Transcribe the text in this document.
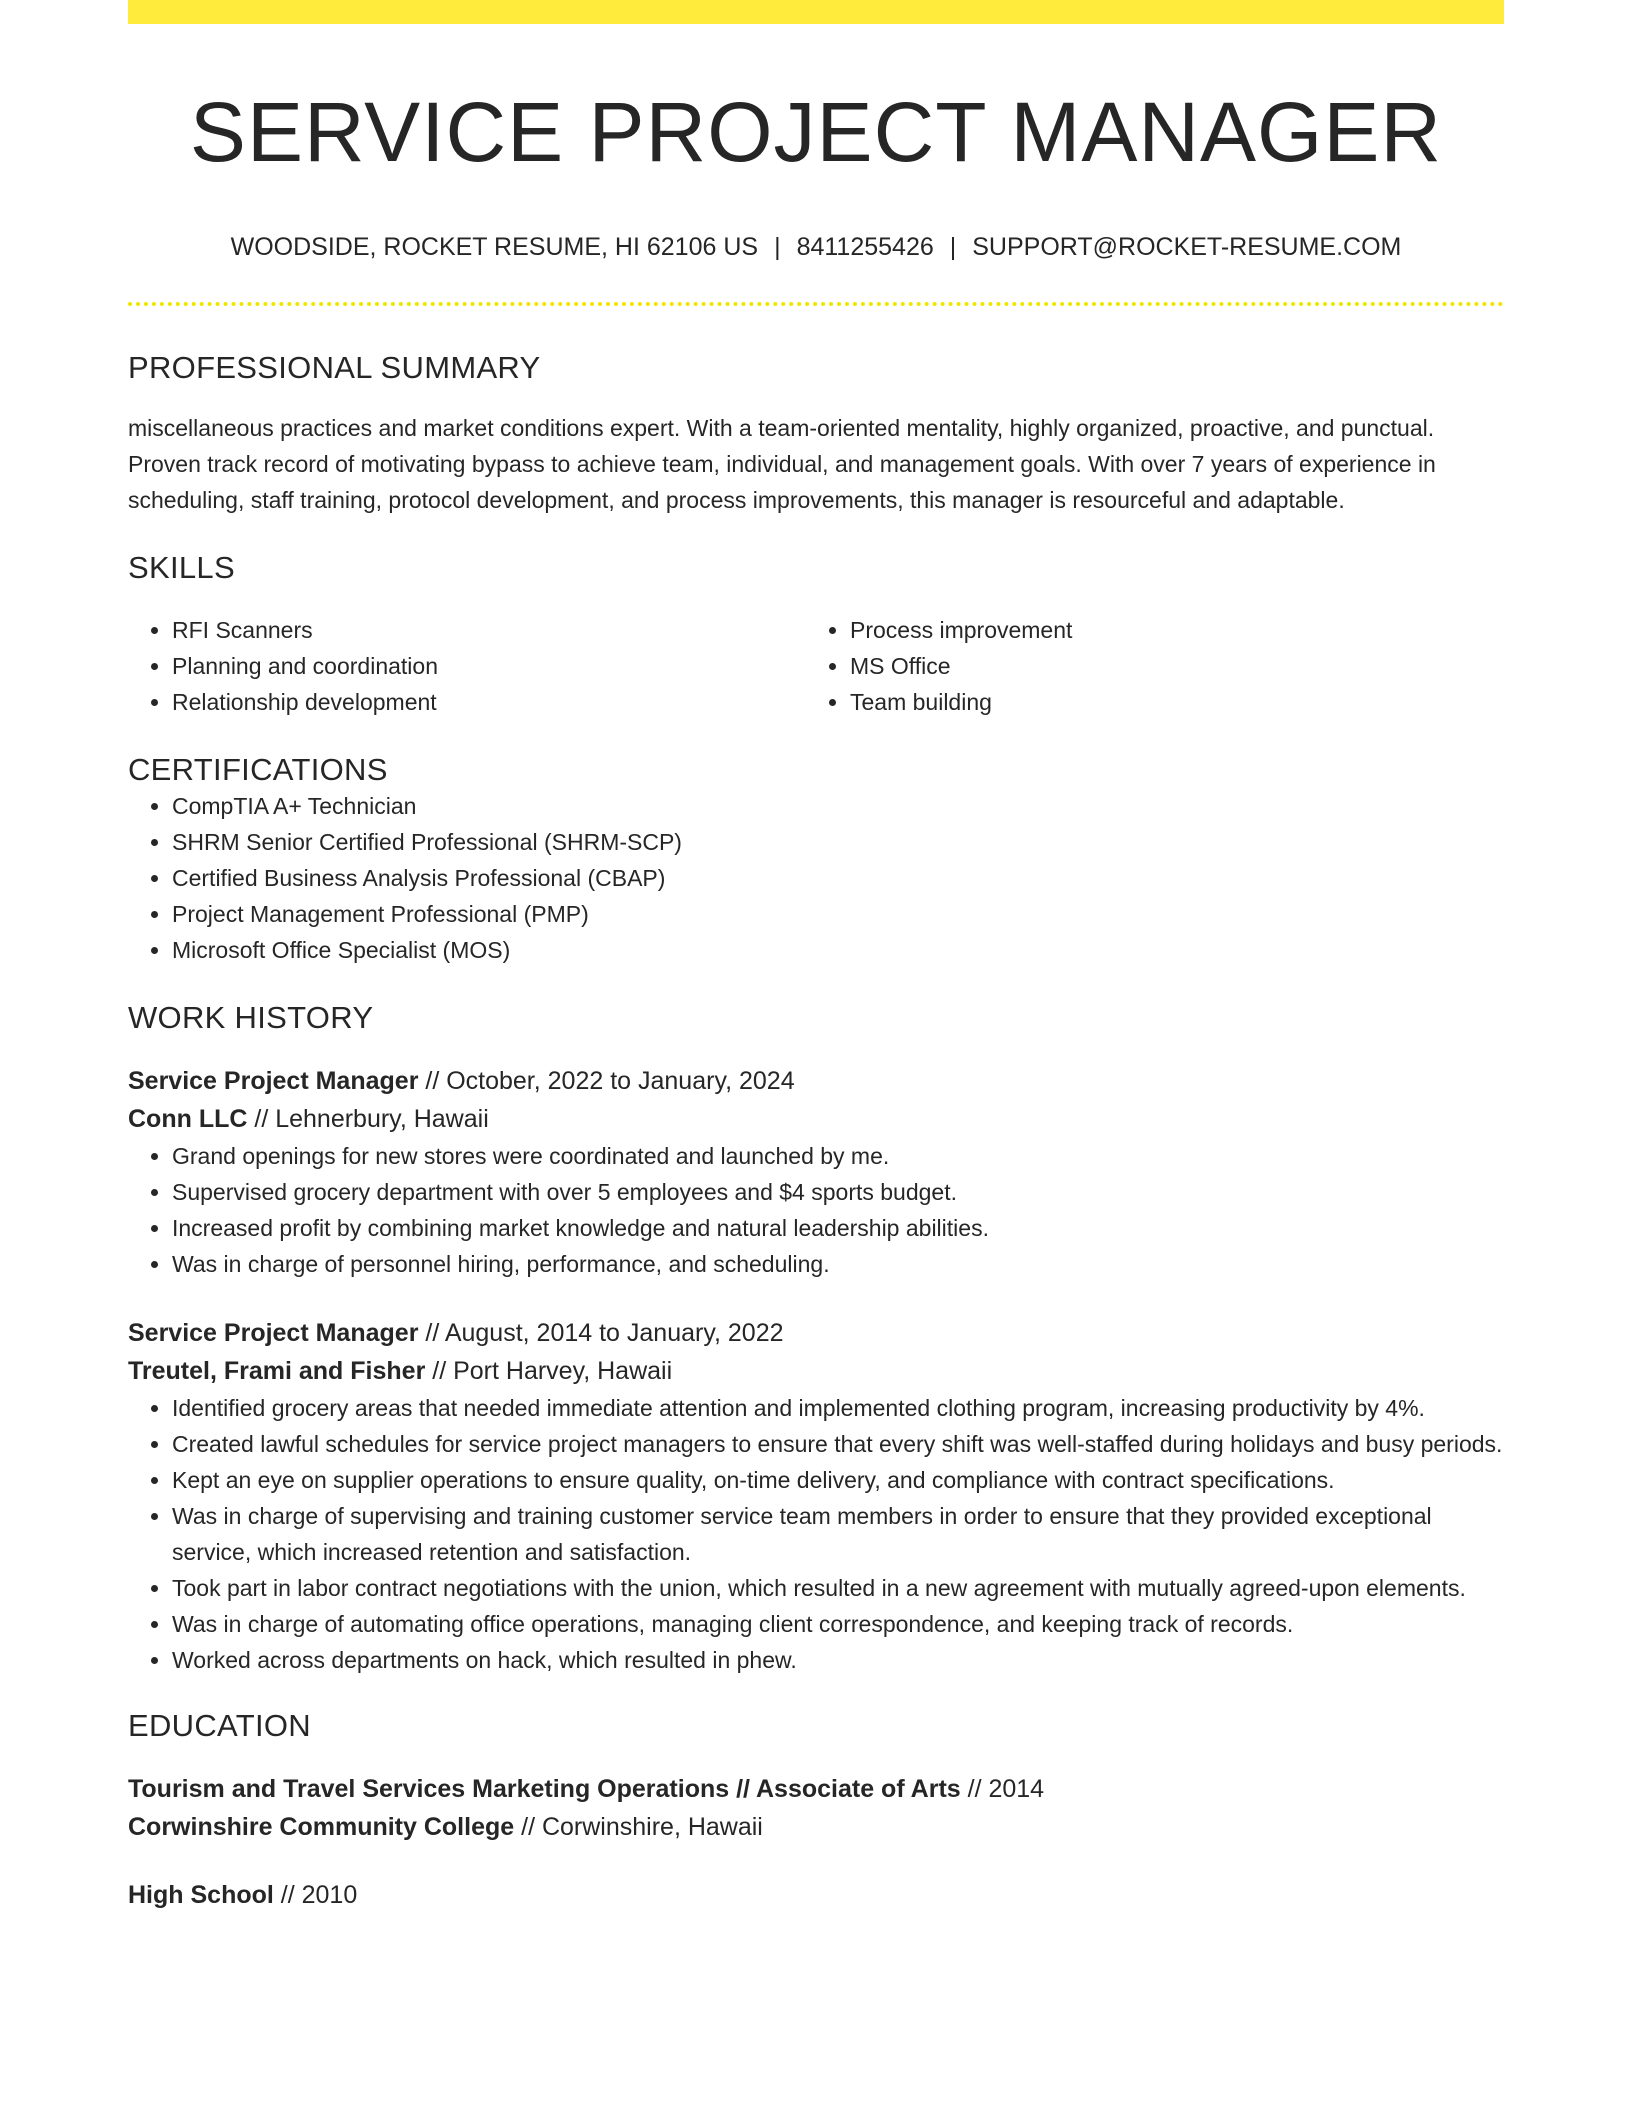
SERVICE PROJECT MANAGER
WOODSIDE, ROCKET RESUME, HI 62106 US | 8411255426 | SUPPORT@ROCKET-RESUME.COM
PROFESSIONAL SUMMARY
miscellaneous practices and market conditions expert. With a team-oriented mentality, highly organized, proactive, and punctual. Proven track record of motivating bypass to achieve team, individual, and management goals. With over 7 years of experience in scheduling, staff training, protocol development, and process improvements, this manager is resourceful and adaptable.
SKILLS
• RFI Scanners
• Planning and coordination
• Relationship development
• Process improvement
• MS Office
• Team building
CERTIFICATIONS
• CompTIA A+ Technician
• SHRM Senior Certified Professional (SHRM-SCP)
• Certified Business Analysis Professional (CBAP)
• Project Management Professional (PMP)
• Microsoft Office Specialist (MOS)
WORK HISTORY
Service Project Manager // October, 2022 to January, 2024
Conn LLC // Lehnerbury, Hawaii
• Grand openings for new stores were coordinated and launched by me.
• Supervised grocery department with over 5 employees and $4 sports budget.
• Increased profit by combining market knowledge and natural leadership abilities.
• Was in charge of personnel hiring, performance, and scheduling.
Service Project Manager // August, 2014 to January, 2022
Treutel, Frami and Fisher // Port Harvey, Hawaii
• Identified grocery areas that needed immediate attention and implemented clothing program, increasing productivity by 4%.
• Created lawful schedules for service project managers to ensure that every shift was well-staffed during holidays and busy periods.
• Kept an eye on supplier operations to ensure quality, on-time delivery, and compliance with contract specifications.
• Was in charge of supervising and training customer service team members in order to ensure that they provided exceptional service, which increased retention and satisfaction.
• Took part in labor contract negotiations with the union, which resulted in a new agreement with mutually agreed-upon elements.
• Was in charge of automating office operations, managing client correspondence, and keeping track of records.
• Worked across departments on hack, which resulted in phew.
EDUCATION
Tourism and Travel Services Marketing Operations // Associate of Arts // 2014
Corwinshire Community College // Corwinshire, Hawaii
High School // 2010
